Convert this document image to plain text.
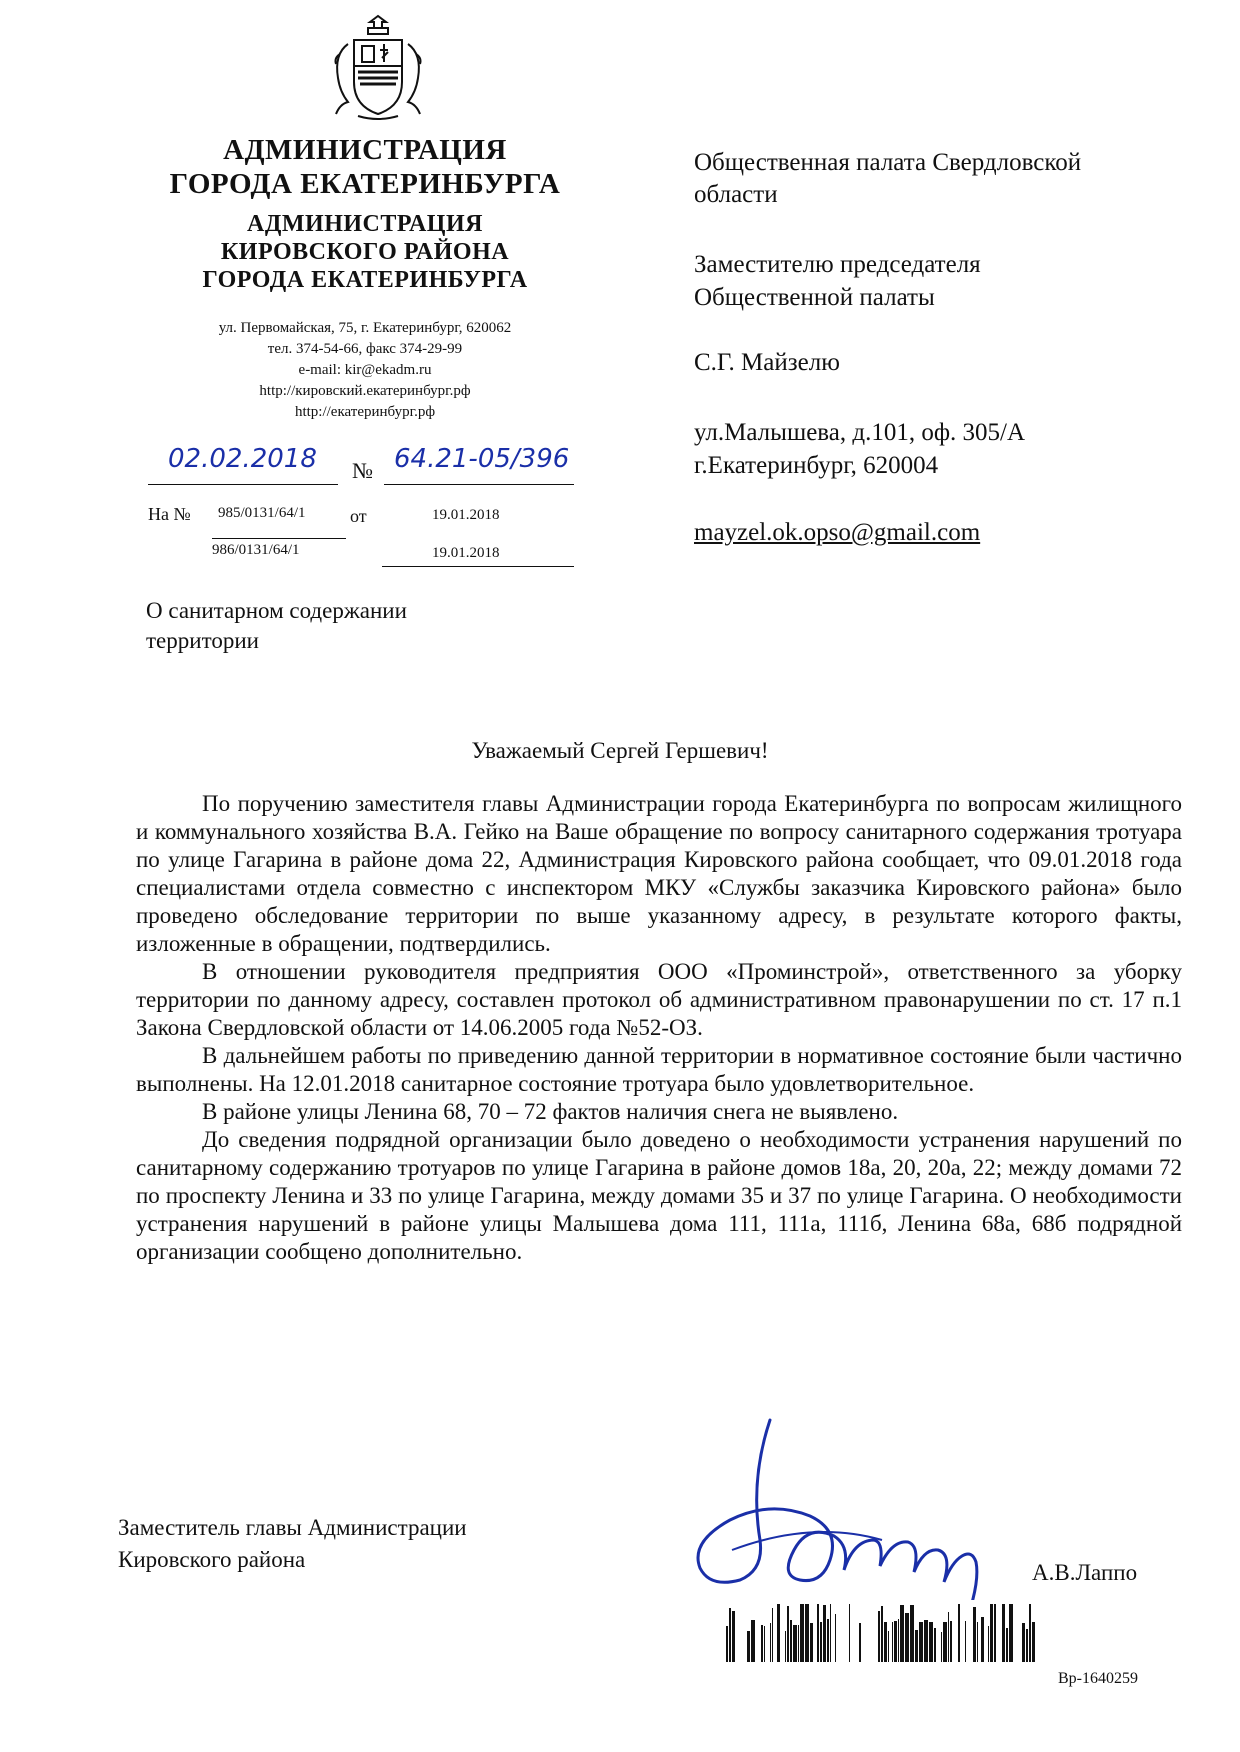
АДМИНИСТРАЦИЯ
ГОРОДА ЕКАТЕРИНБУРГА
АДМИНИСТРАЦИЯ
КИРОВСКОГО РАЙОНА
ГОРОДА ЕКАТЕРИНБУРГА
ул. Первомайская, 75, г. Екатеринбург, 620062
тел. 374-54-66, факс 374-29-99
e-mail: kir@ekadm.ru
http://кировский.екатеринбург.рф
http://екатеринбург.рф
02.02.2018 № 64.21-05/396
На № 985/0131/64/1 от	19.01.2018
986/0131/64/1	19.01.2018
Общественная палата Свердловской
области
Заместителю председателя
Общественной палаты
С.Г. Майзелю
ул.Малышева, д.101, оф. 305/А
г.Екатеринбург, 620004
mayzel.ok.opso@gmail.com
О санитарном содержании
территории
Уважаемый Сергей Гершевич!

По поручению заместителя главы Администрации города Екатеринбурга по вопросам жилищного и коммунального хозяйства В.А. Гейко на Ваше обращение по вопросу санитарного содержания тротуара по улице Гагарина в районе дома 22, Администрация Кировского района сообщает, что 09.01.2018 года специалистами отдела совместно с инспектором МКУ «Службы заказчика Кировского района» было проведено обследование территории по выше указанному адресу, в результате которого факты, изложенные в обращении, подтвердились.

В отношении руководителя предприятия ООО «Проминстрой», ответственного за уборку территории по данному адресу, составлен протокол об административном правонарушении по ст. 17 п.1 Закона Свердловской области от 14.06.2005 года №52-ОЗ.

В дальнейшем работы по приведению данной территории в нормативное состояние были частично выполнены. На 12.01.2018 санитарное состояние тротуара было удовлетворительное.

В районе улицы Ленина 68, 70 – 72 фактов наличия снега не выявлено.

До сведения подрядной организации было доведено о необходимости устранения нарушений по санитарному содержанию тротуаров по улице Гагарина в районе домов 18а, 20, 20а, 22; между домами 72 по проспекту Ленина и 33 по улице Гагарина, между домами 35 и 37 по улице Гагарина. О необходимости устранения нарушений в районе улицы Малышева дома 111, 111а, 111б, Ленина 68а, 68б подрядной организации сообщено дополнительно.

Заместитель главы Администрации
Кировского района
А.В.Лаппо
Вр-1640259
